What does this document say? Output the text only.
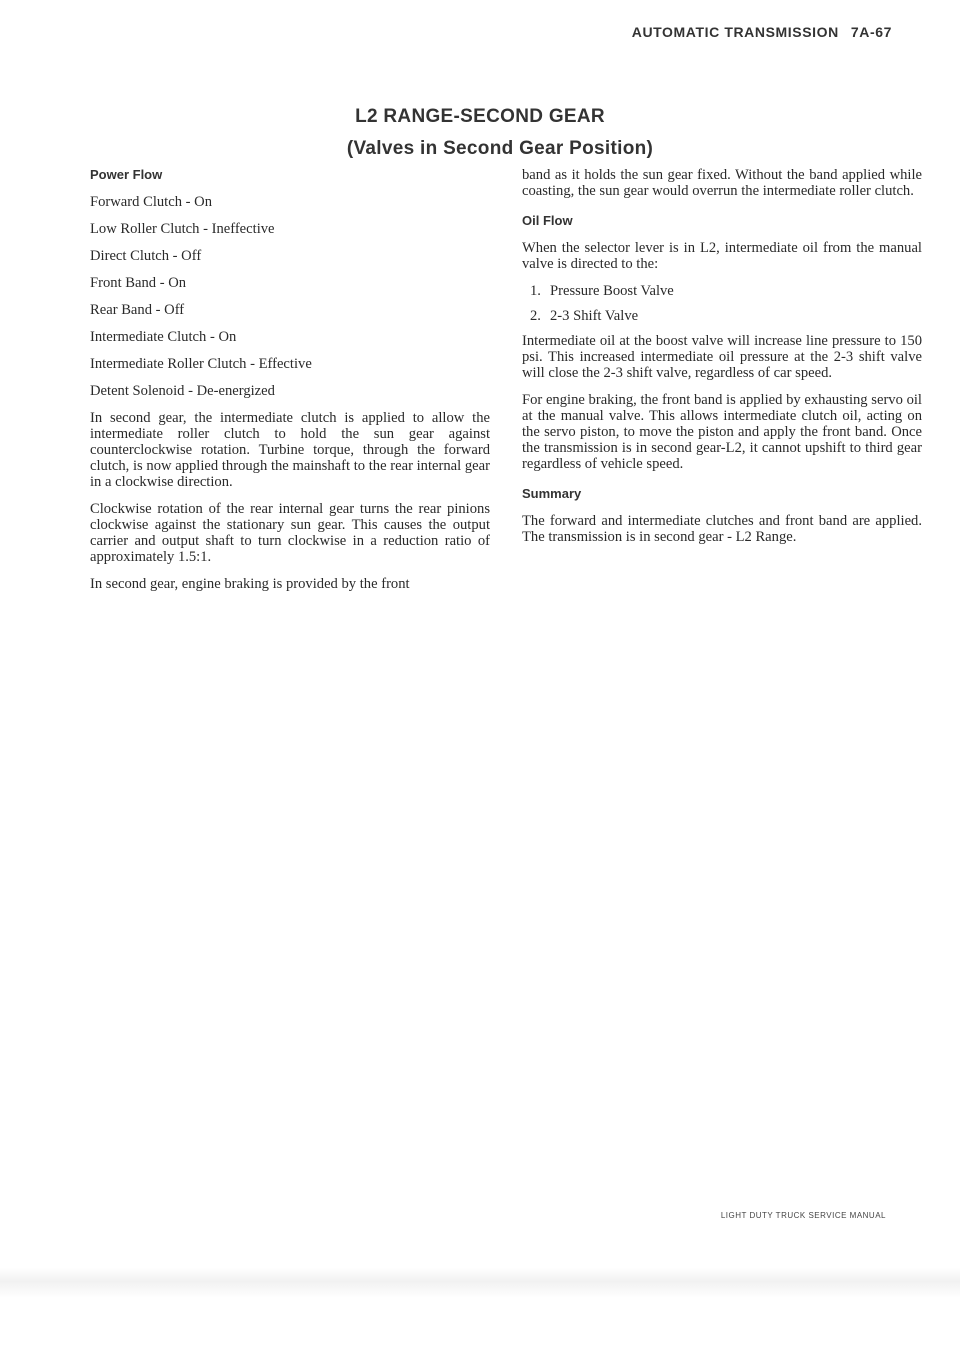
AUTOMATIC TRANSMISSION 7A-67
L2 RANGE-SECOND GEAR
(Valves in Second Gear Position)
Power Flow
Forward Clutch - On
Low Roller Clutch - Ineffective
Direct Clutch - Off
Front Band - On
Rear Band - Off
Intermediate Clutch - On
Intermediate Roller Clutch - Effective
Detent Solenoid - De-energized

In second gear, the intermediate clutch is applied to allow the intermediate roller clutch to hold the sun gear against counterclockwise rotation. Turbine torque, through the forward clutch, is now applied through the mainshaft to the rear internal gear in a clockwise direction.

Clockwise rotation of the rear internal gear turns the rear pinions clockwise against the stationary sun gear. This causes the output carrier and output shaft to turn clockwise in a reduction ratio of approximately 1.5:1.

In second gear, engine braking is provided by the front

band as it holds the sun gear fixed. Without the band applied while coasting, the sun gear would overrun the intermediate roller clutch.

Oil Flow

When the selector lever is in L2, intermediate oil from the manual valve is directed to the:

1. Pressure Boost Valve
2. 2-3 Shift Valve

Intermediate oil at the boost valve will increase line pressure to 150 psi. This increased intermediate oil pressure at the 2-3 shift valve will close the 2-3 shift valve, regardless of car speed.

For engine braking, the front band is applied by exhausting servo oil at the manual valve. This allows intermediate clutch oil, acting on the servo piston, to move the piston and apply the front band. Once the transmission is in second gear-L2, it cannot upshift to third gear regardless of vehicle speed.

Summary

The forward and intermediate clutches and front band are applied. The transmission is in second gear - L2 Range.

LIGHT DUTY TRUCK SERVICE MANUAL
